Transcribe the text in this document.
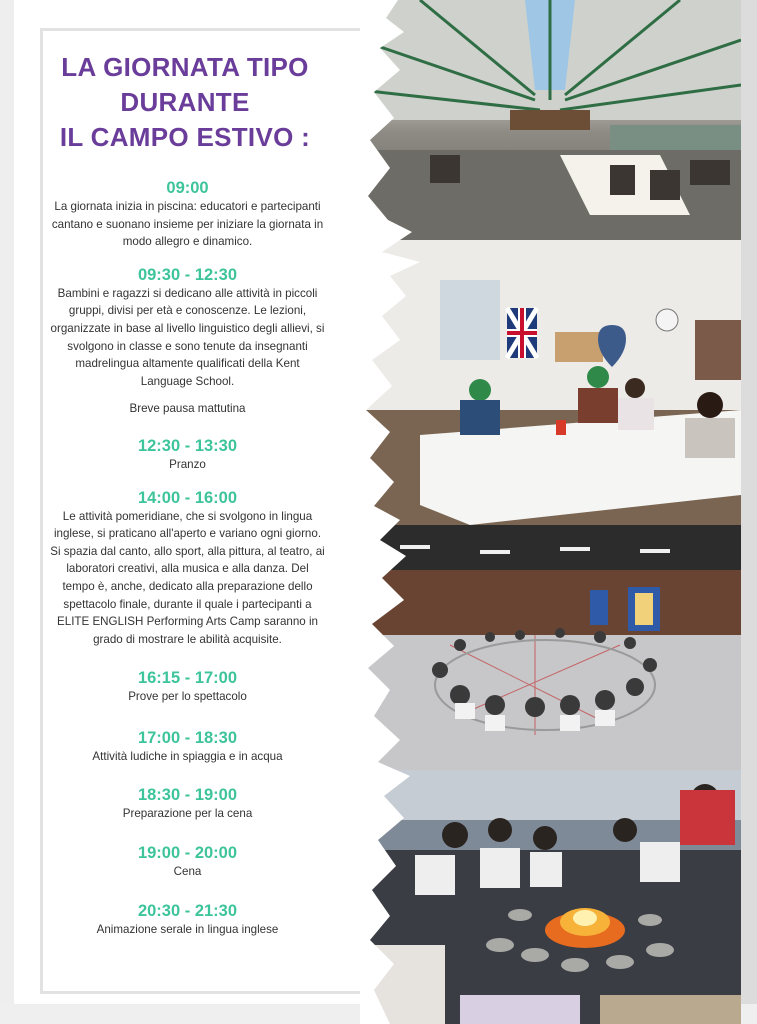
LA GIORNATA TIPO
DURANTE
IL CAMPO ESTIVO :
09:00
La giornata inizia in piscina: educatori e partecipanti cantano e suonano insieme per iniziare la giornata in modo allegro e dinamico.
09:30 - 12:30
Bambini e ragazzi si dedicano alle attività in piccoli gruppi, divisi per età e conoscenze. Le lezioni, organizzate in base al livello linguistico degli allievi, si svolgono in classe e sono tenute da insegnanti madrelingua altamente qualificati della Kent Language School.
Breve pausa mattutina
12:30 - 13:30
Pranzo
14:00 - 16:00
Le attività pomeridiane, che si svolgono in lingua inglese, si praticano all'aperto e variano ogni giorno. Si spazia dal canto, allo sport, alla pittura, al teatro, ai laboratori creativi, alla musica e alla danza. Del tempo è, anche, dedicato alla preparazione dello spettacolo finale, durante il quale i partecipanti a ELITE ENGLISH Performing Arts Camp saranno in grado di mostrare le abilità acquisite.
16:15 - 17:00
Prove per lo spettacolo
17:00 - 18:30
Attività ludiche in spiaggia e in acqua
18:30 - 19:00
Preparazione per la cena
19:00 - 20:00
Cena
20:30 - 21:30
Animazione serale in lingua inglese
